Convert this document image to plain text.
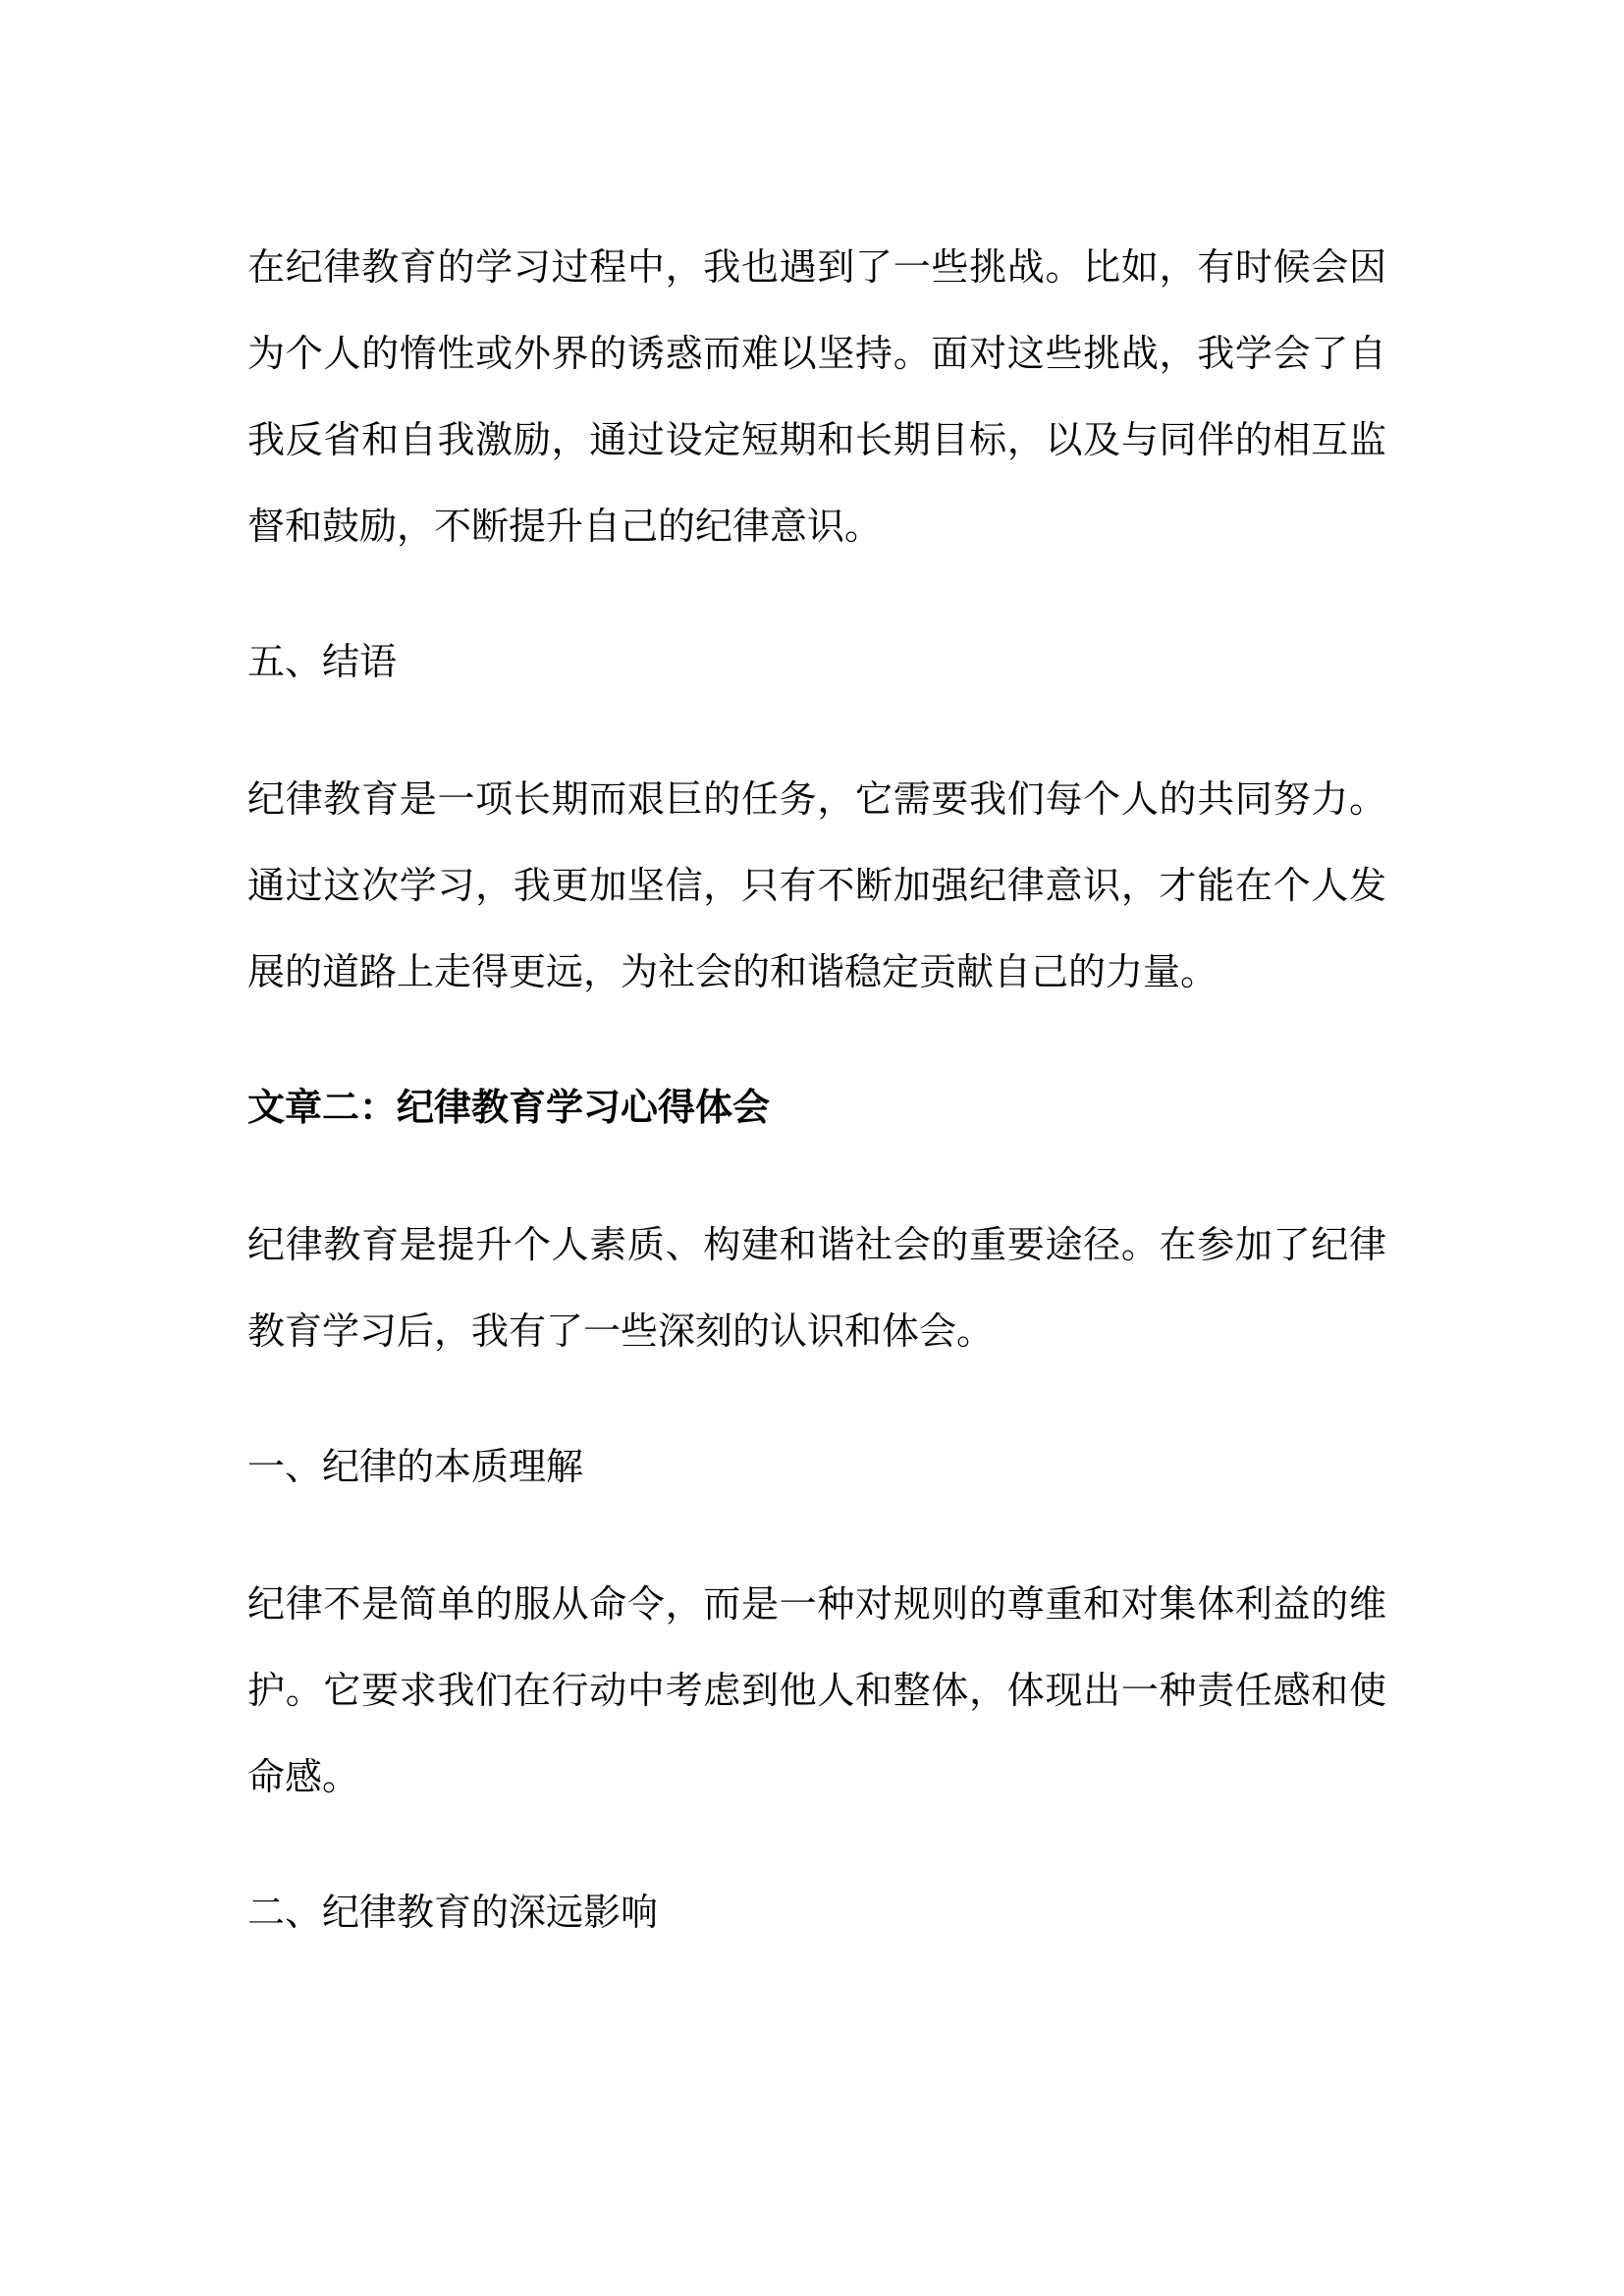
在纪律教育的学习过程中，我也遇到了一些挑战。比如，有时候会因为个人的惰性或外界的诱惑而难以坚持。面对这些挑战，我学会了自我反省和自我激励，通过设定短期和长期目标，以及与同伴的相互监督和鼓励，不断提升自己的纪律意识。

五、结语

纪律教育是一项长期而艰巨的任务，它需要我们每个人的共同努力。通过这次学习，我更加坚信，只有不断加强纪律意识，才能在个人发展的道路上走得更远，为社会的和谐稳定贡献自己的力量。

文章二：纪律教育学习心得体会

纪律教育是提升个人素质、构建和谐社会的重要途径。在参加了纪律教育学习后，我有了一些深刻的认识和体会。

一、纪律的本质理解

纪律不是简单的服从命令，而是一种对规则的尊重和对集体利益的维护。它要求我们在行动中考虑到他人和整体，体现出一种责任感和使命感。

二、纪律教育的深远影响
